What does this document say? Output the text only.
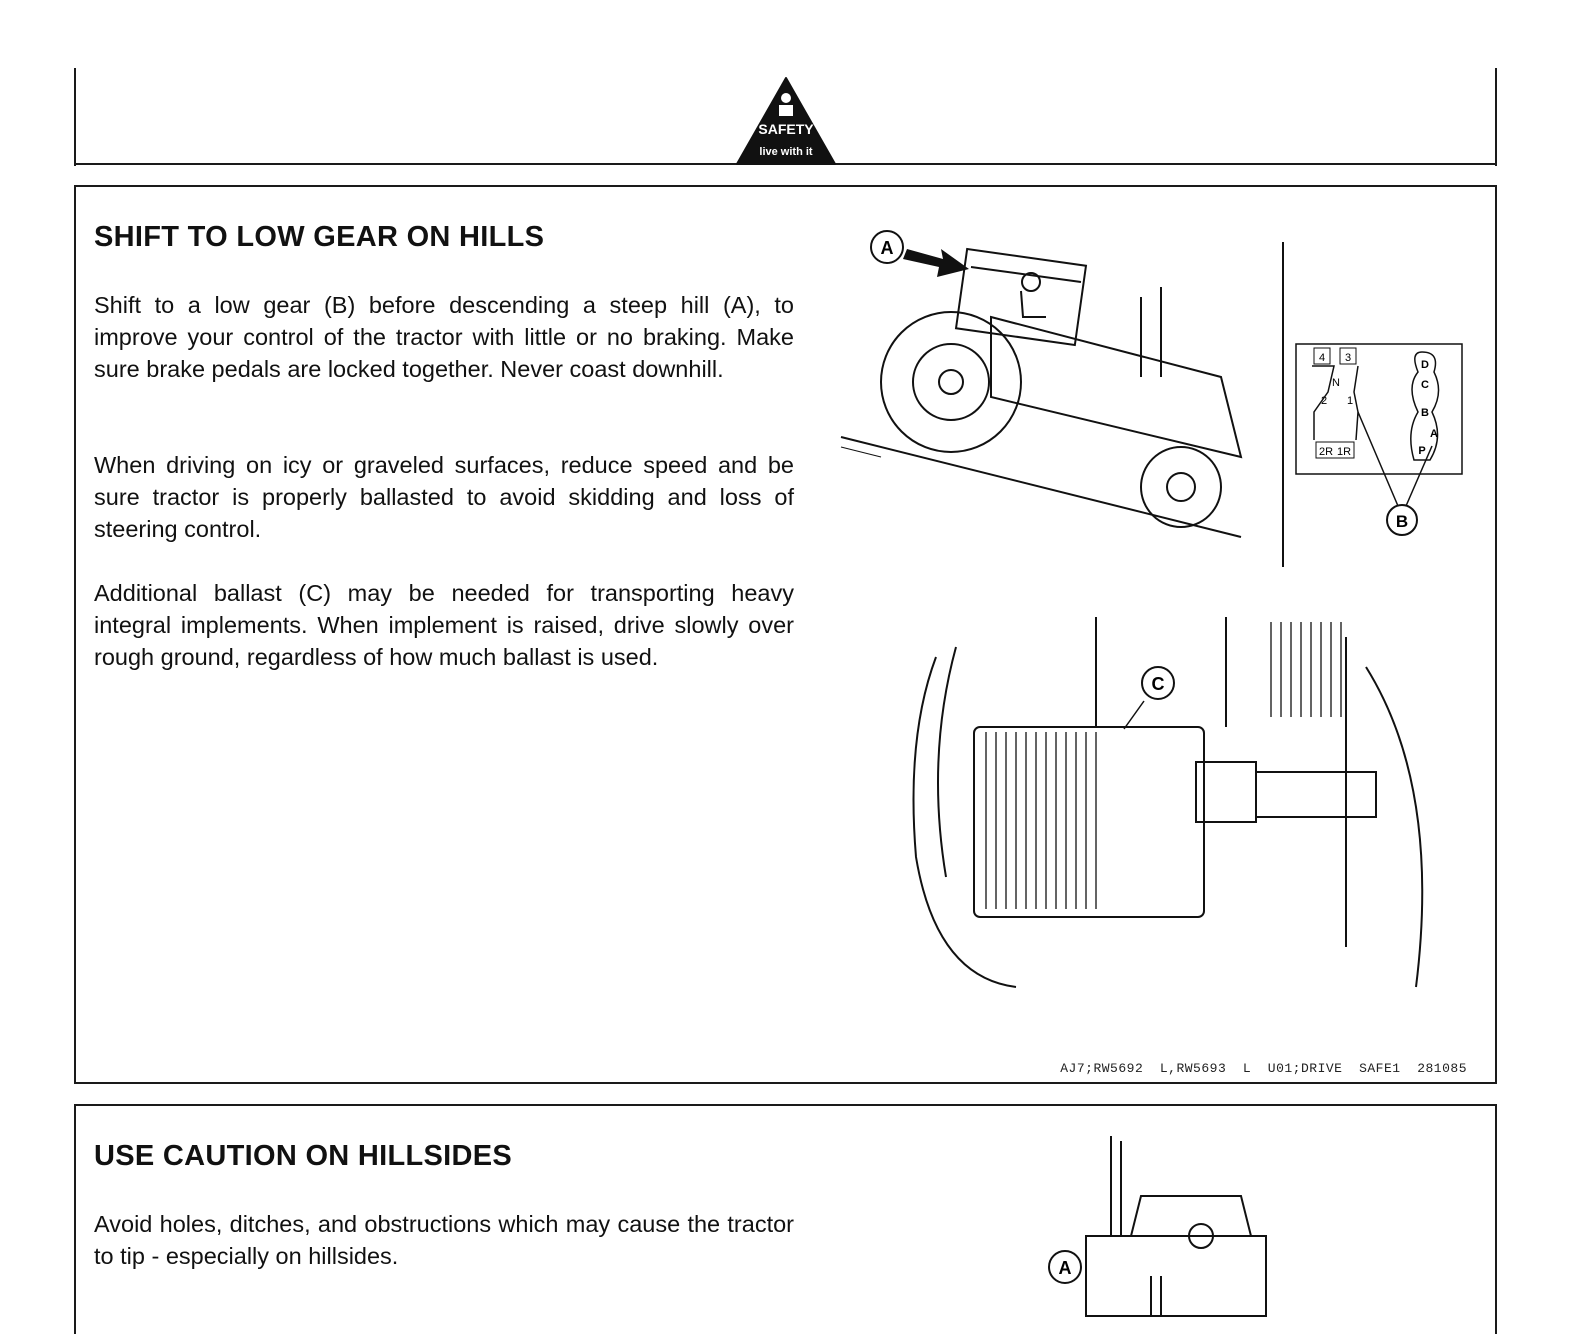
SAFETY
live with it
SHIFT TO LOW GEAR ON HILLS

Shift to a low gear (B) before descending a steep hill (A), to improve your control of the tractor with little or no braking. Make sure brake pedals are locked together. Never coast downhill.

When driving on icy or graveled surfaces, reduce speed and be sure tractor is properly ballasted to avoid skidding and loss of steering control.

Additional ballast (C) may be needed for transporting heavy integral implements. When implement is raised, drive slowly over rough ground, regardless of how much ballast is used.

A
4 3
N
2 1
2R 1R
D
C
B
A
P
B
C
AJ7;RW5692  L,RW5693  L  U01;DRIVE  SAFE1  281085
USE CAUTION ON HILLSIDES

Avoid holes, ditches, and obstructions which may cause the tractor to tip - especially on hillsides.	A
